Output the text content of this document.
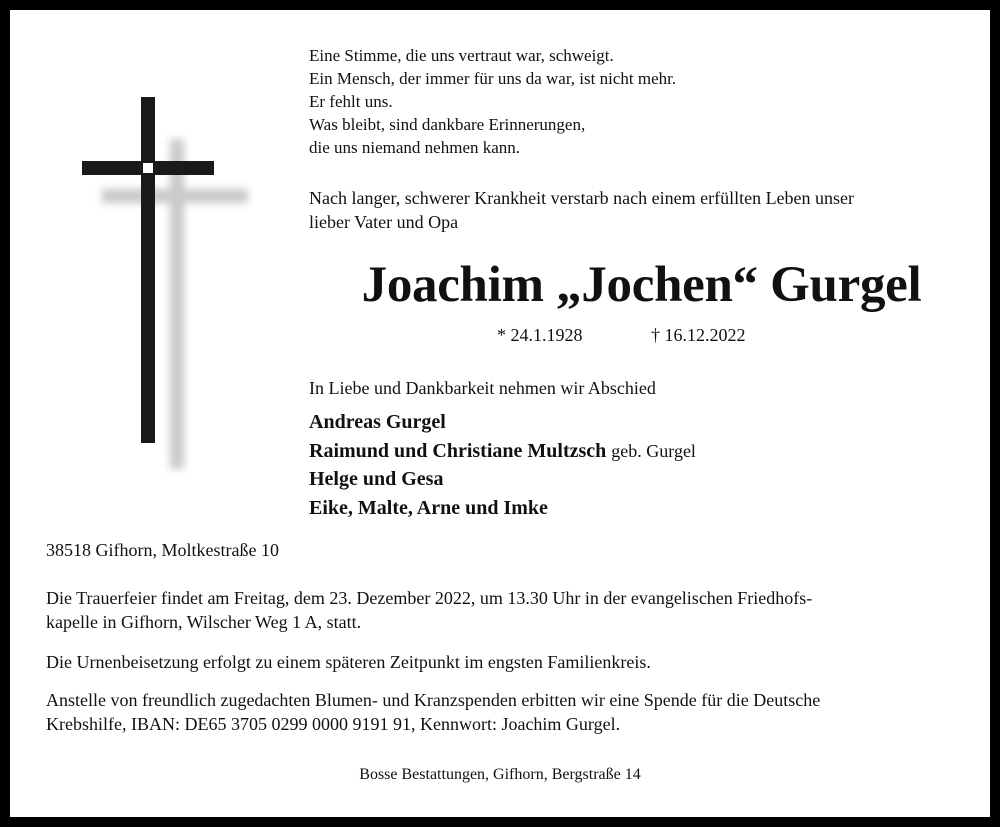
Eine Stimme, die uns vertraut war, schweigt.
Ein Mensch, der immer für uns da war, ist nicht mehr.
Er fehlt uns.
Was bleibt, sind dankbare Erinnerungen,
die uns niemand nehmen kann.
Nach langer, schwerer Krankheit verstarb nach einem erfüllten Leben unser
lieber Vater und Opa
Joachim „Jochen“ Gurgel
* 24.1.1928	† 16.12.2022
In Liebe und Dankbarkeit nehmen wir Abschied
Andreas Gurgel
Raimund und Christiane Multzsch geb. Gurgel
Helge und Gesa
Eike, Malte, Arne und Imke
38518 Gifhorn, Moltkestraße 10
Die Trauerfeier findet am Freitag, dem 23. Dezember 2022, um 13.30 Uhr in der evangelischen Friedhofs-
kapelle in Gifhorn, Wilscher Weg 1 A, statt.
Die Urnenbeisetzung erfolgt zu einem späteren Zeitpunkt im engsten Familienkreis.
Anstelle von freundlich zugedachten Blumen- und Kranzspenden erbitten wir eine Spende für die Deutsche
Krebshilfe, IBAN: DE65 3705 0299 0000 9191 91, Kennwort: Joachim Gurgel.
Bosse Bestattungen, Gifhorn, Bergstraße 14
